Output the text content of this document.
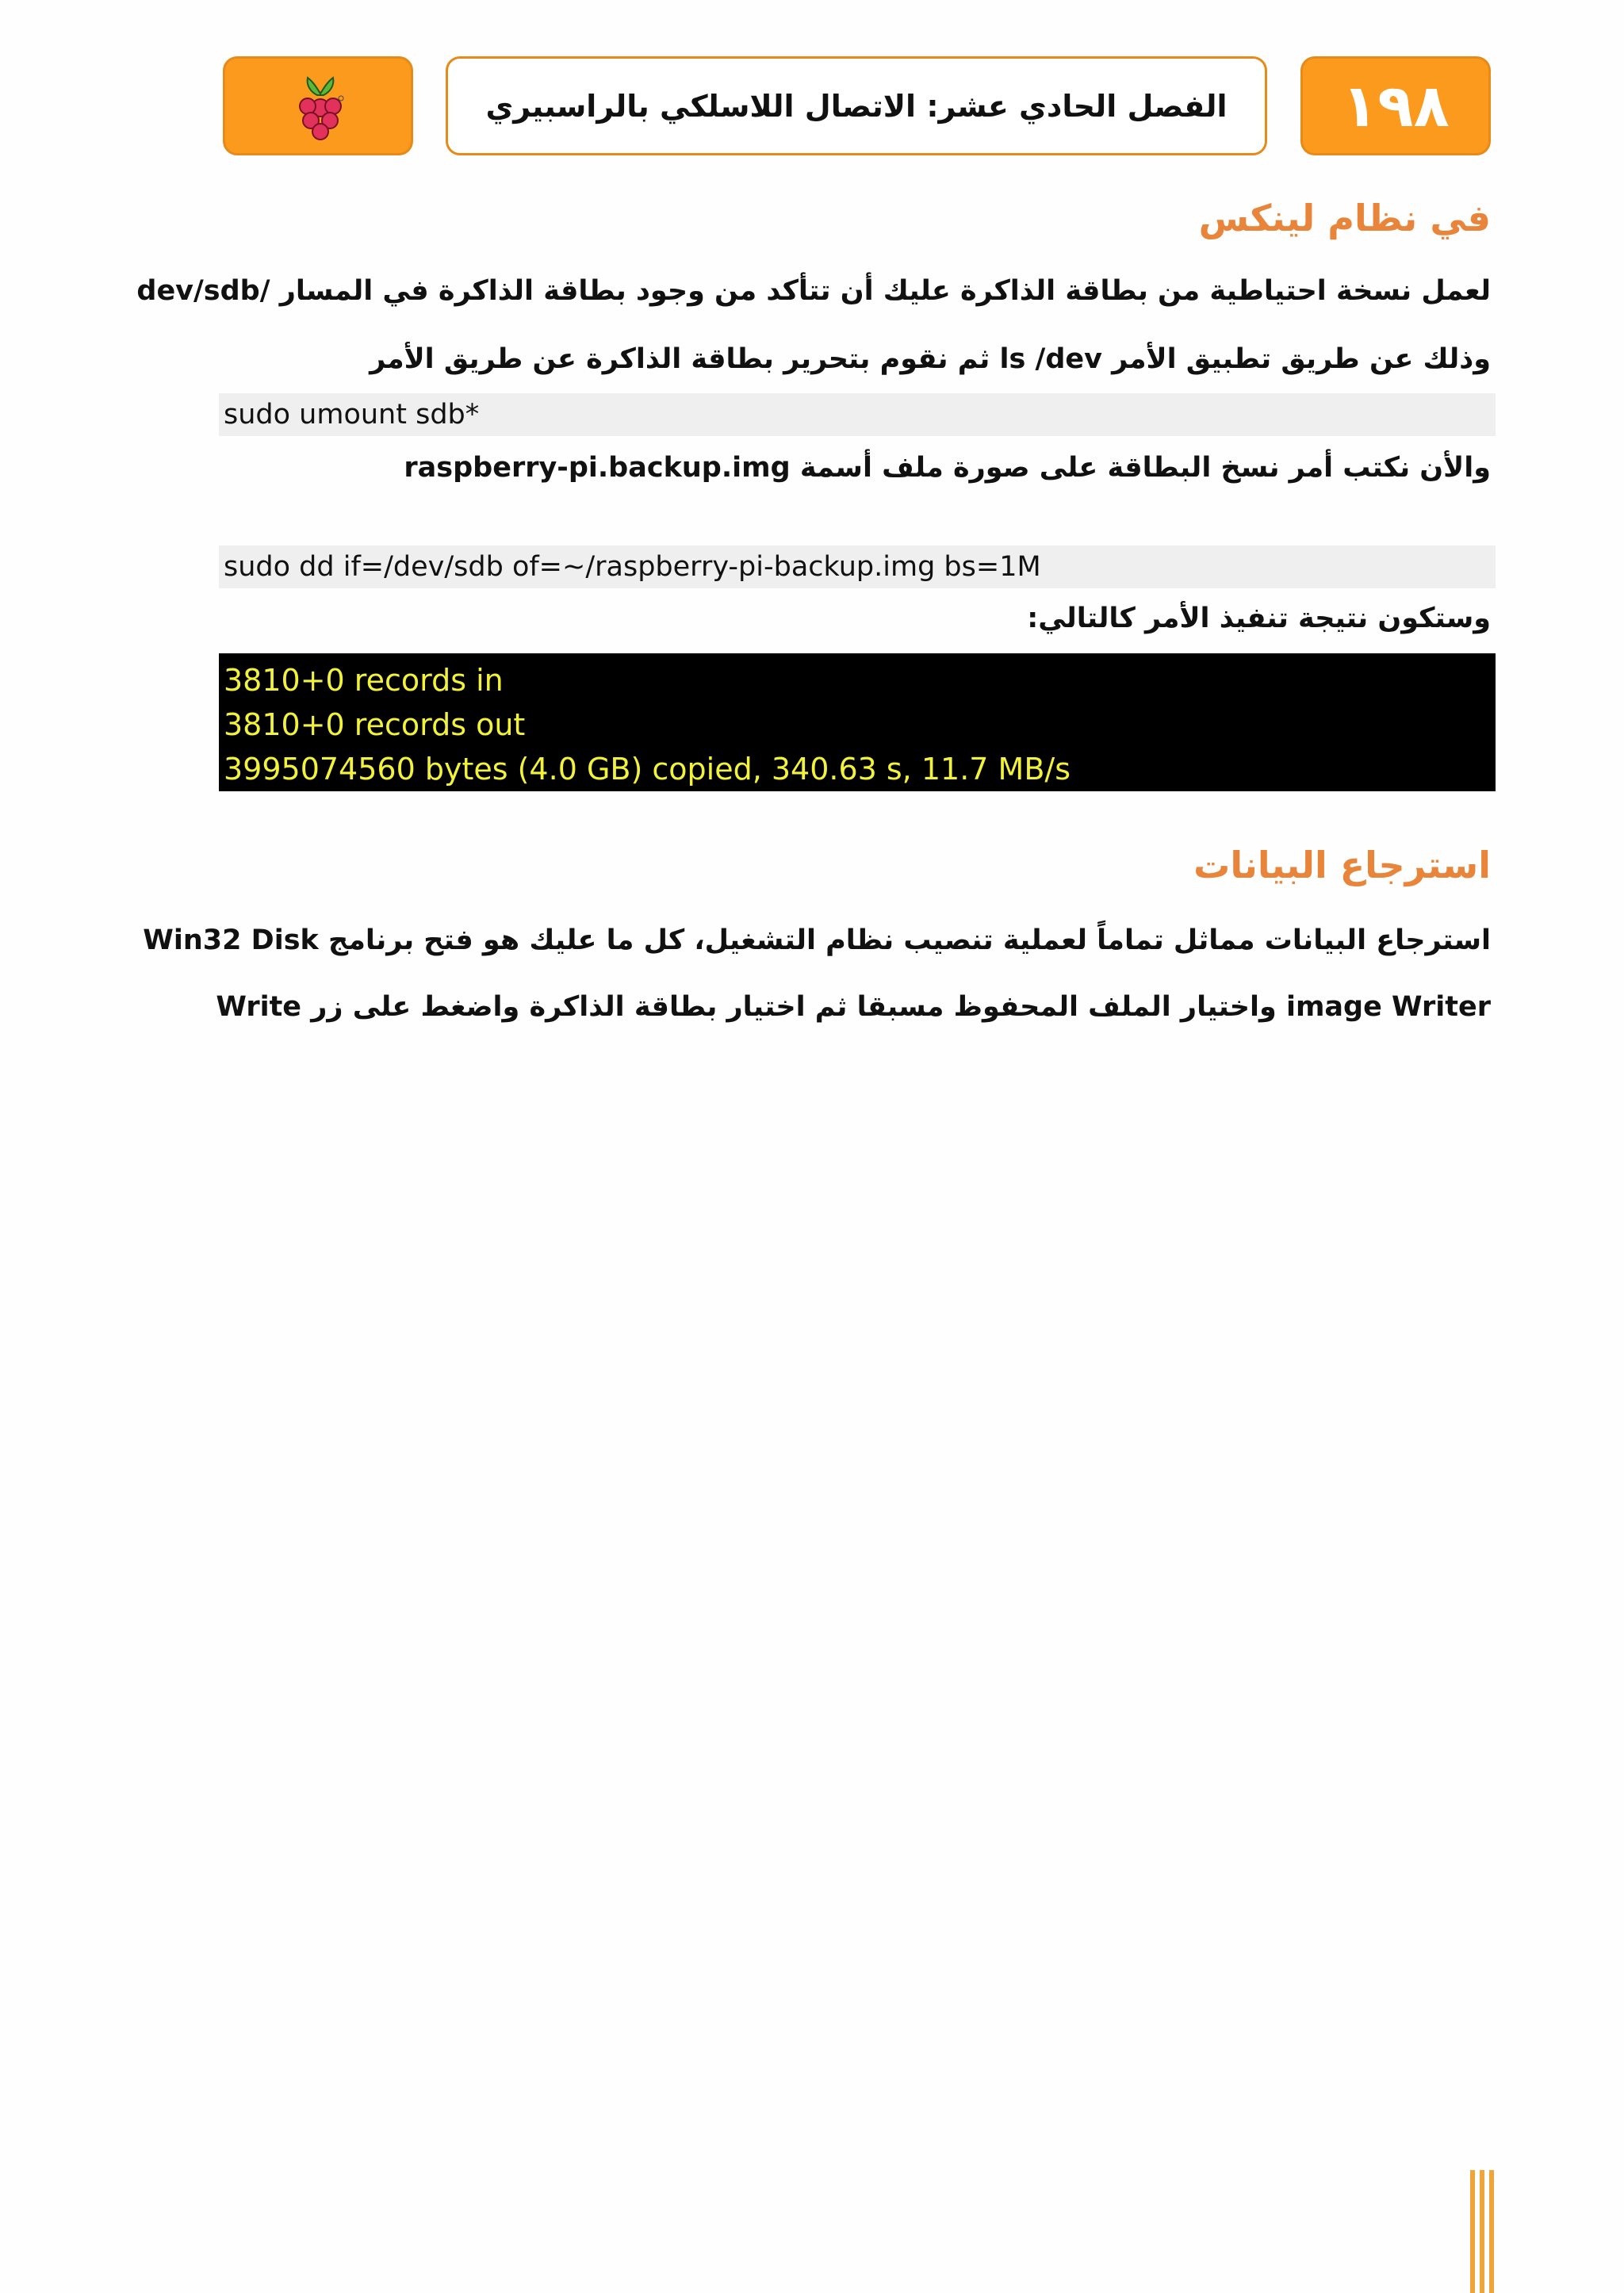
الفصل الحادي عشر: الاتصال اللاسلكي بالراسبيري ١٩٨
في نظام لينكس
لعمل نسخة احتياطية من بطاقة الذاكرة عليك أن تتأكد من وجود بطاقة الذاكرة في المسار /dev/sdb
وذلك عن طريق تطبيق الأمر ls /dev ثم نقوم بتحرير بطاقة الذاكرة عن طريق الأمر
sudo umount sdb*
والأن نكتب أمر نسخ البطاقة على صورة ملف أسمة raspberry-pi.backup.img
sudo dd if=/dev/sdb of=~/raspberry-pi-backup.img bs=1M
وستكون نتيجة تنفيذ الأمر كالتالي:
3810+0 records in
3810+0 records out
3995074560 bytes (4.0 GB) copied, 340.63 s, 11.7 MB/s
استرجاع البيانات
استرجاع البيانات مماثل تماماً لعملية تنصيب نظام التشغيل، كل ما عليك هو فتح برنامج Win32 Disk
image Writer واختيار الملف المحفوظ مسبقا ثم اختيار بطاقة الذاكرة واضغط على زر Write
